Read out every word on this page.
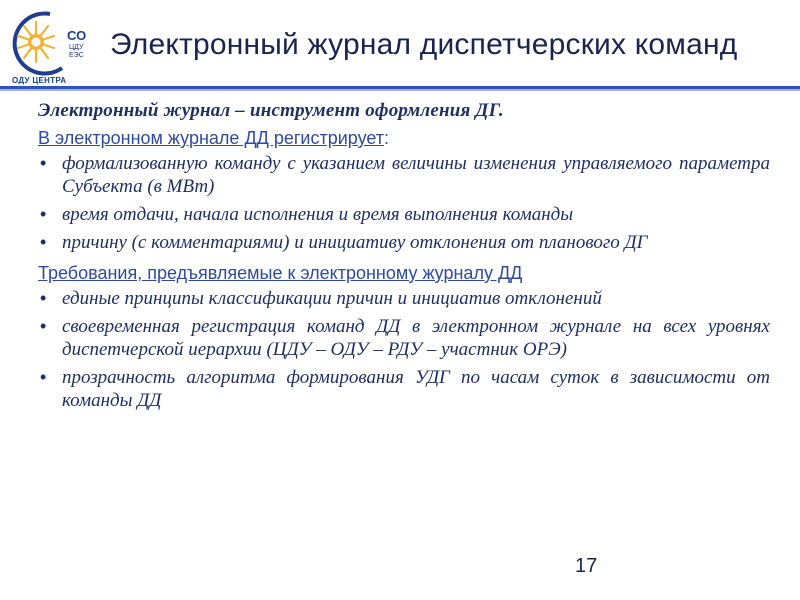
СО
ЦДУ
ЕЭС
ОДУ ЦЕНТРА
Электронный журнал диспетчерских команд

Электронный журнал – инструмент оформления ДГ.

В электронном журнале ДД регистрирует:
• формализованную команду с указанием величины изменения управляемого параметра Субъекта (в МВт)
• время отдачи, начала исполнения и время выполнения команды
• причину (с комментариями) и инициативу отклонения от планового ДГ
Требования, предъявляемые к электронному журналу ДД
• единые принципы классификации причин и инициатив отклонений
• своевременная регистрация команд ДД в электронном журнале на всех уровнях диспетчерской иерархии (ЦДУ – ОДУ – РДУ – участник ОРЭ)
• прозрачность алгоритма формирования УДГ по часам суток в зависимости от команды ДД
17
